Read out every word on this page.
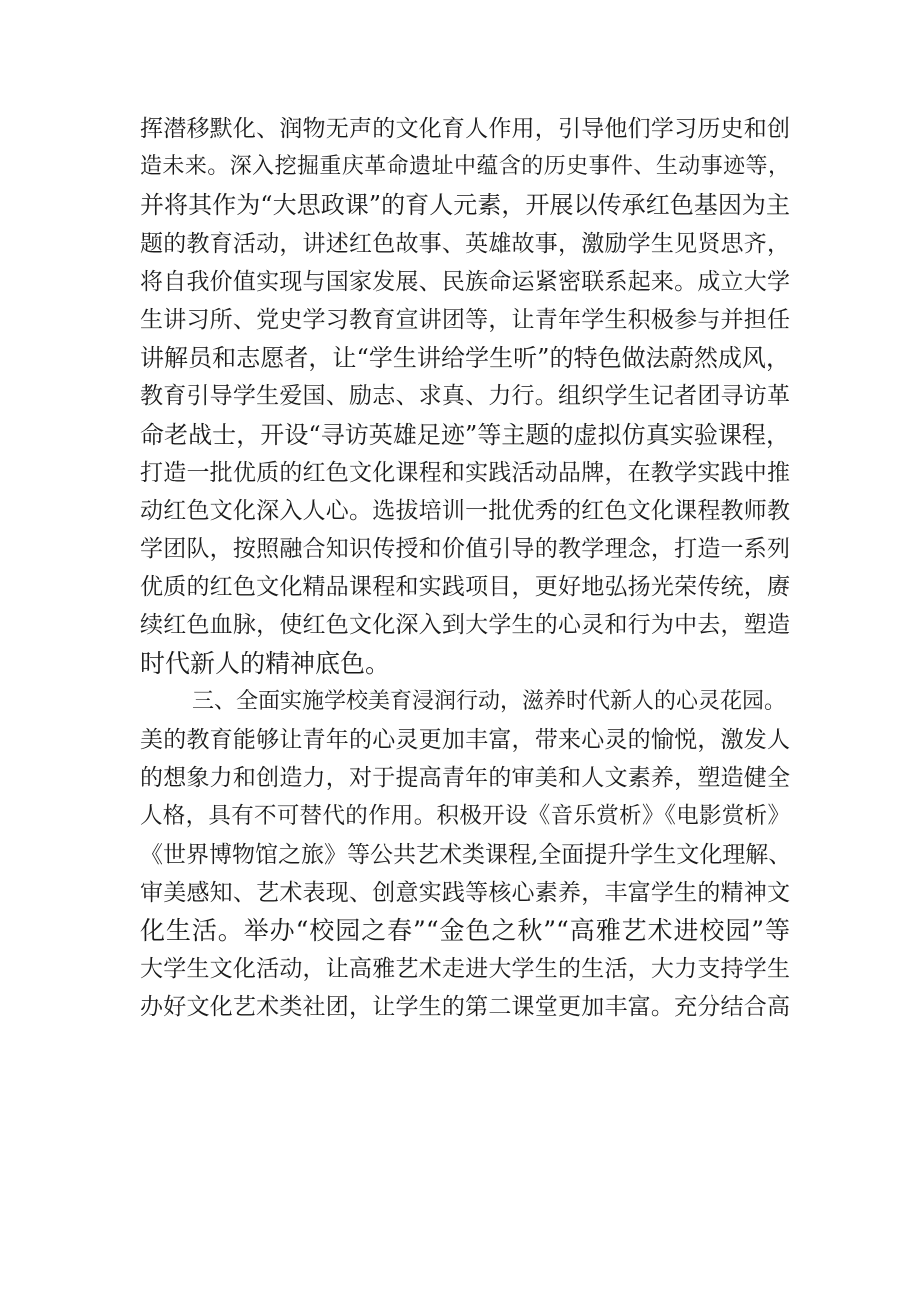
挥潜移默化、润物无声的文化育人作用，引导他们学习历史和创
造未来。深入挖掘重庆革命遗址中蕴含的历史事件、生动事迹等，
并将其作为“大思政课”的育人元素，开展以传承红色基因为主
题的教育活动，讲述红色故事、英雄故事，激励学生见贤思齐，
将自我价值实现与国家发展、民族命运紧密联系起来。成立大学
生讲习所、党史学习教育宣讲团等，让青年学生积极参与并担任
讲解员和志愿者，让“学生讲给学生听”的特色做法蔚然成风，
教育引导学生爱国、励志、求真、力行。组织学生记者团寻访革
命老战士，开设“寻访英雄足迹”等主题的虚拟仿真实验课程，
打造一批优质的红色文化课程和实践活动品牌，在教学实践中推
动红色文化深入人心。选拔培训一批优秀的红色文化课程教师教
学团队，按照融合知识传授和价值引导的教学理念，打造一系列
优质的红色文化精品课程和实践项目，更好地弘扬光荣传统，赓
续红色血脉，使红色文化深入到大学生的心灵和行为中去，塑造
时代新人的精神底色。
三、全面实施学校美育浸润行动，滋养时代新人的心灵花园。
美的教育能够让青年的心灵更加丰富，带来心灵的愉悦，激发人
的想象力和创造力，对于提高青年的审美和人文素养，塑造健全
人格，具有不可替代的作用。积极开设《音乐赏析》《电影赏析》
《世界博物馆之旅》等公共艺术类课程,全面提升学生文化理解、
审美感知、艺术表现、创意实践等核心素养，丰富学生的精神文
化生活。举办“校园之春”“金色之秋”“高雅艺术进校园”等
大学生文化活动，让高雅艺术走进大学生的生活，大力支持学生
办好文化艺术类社团，让学生的第二课堂更加丰富。充分结合高
